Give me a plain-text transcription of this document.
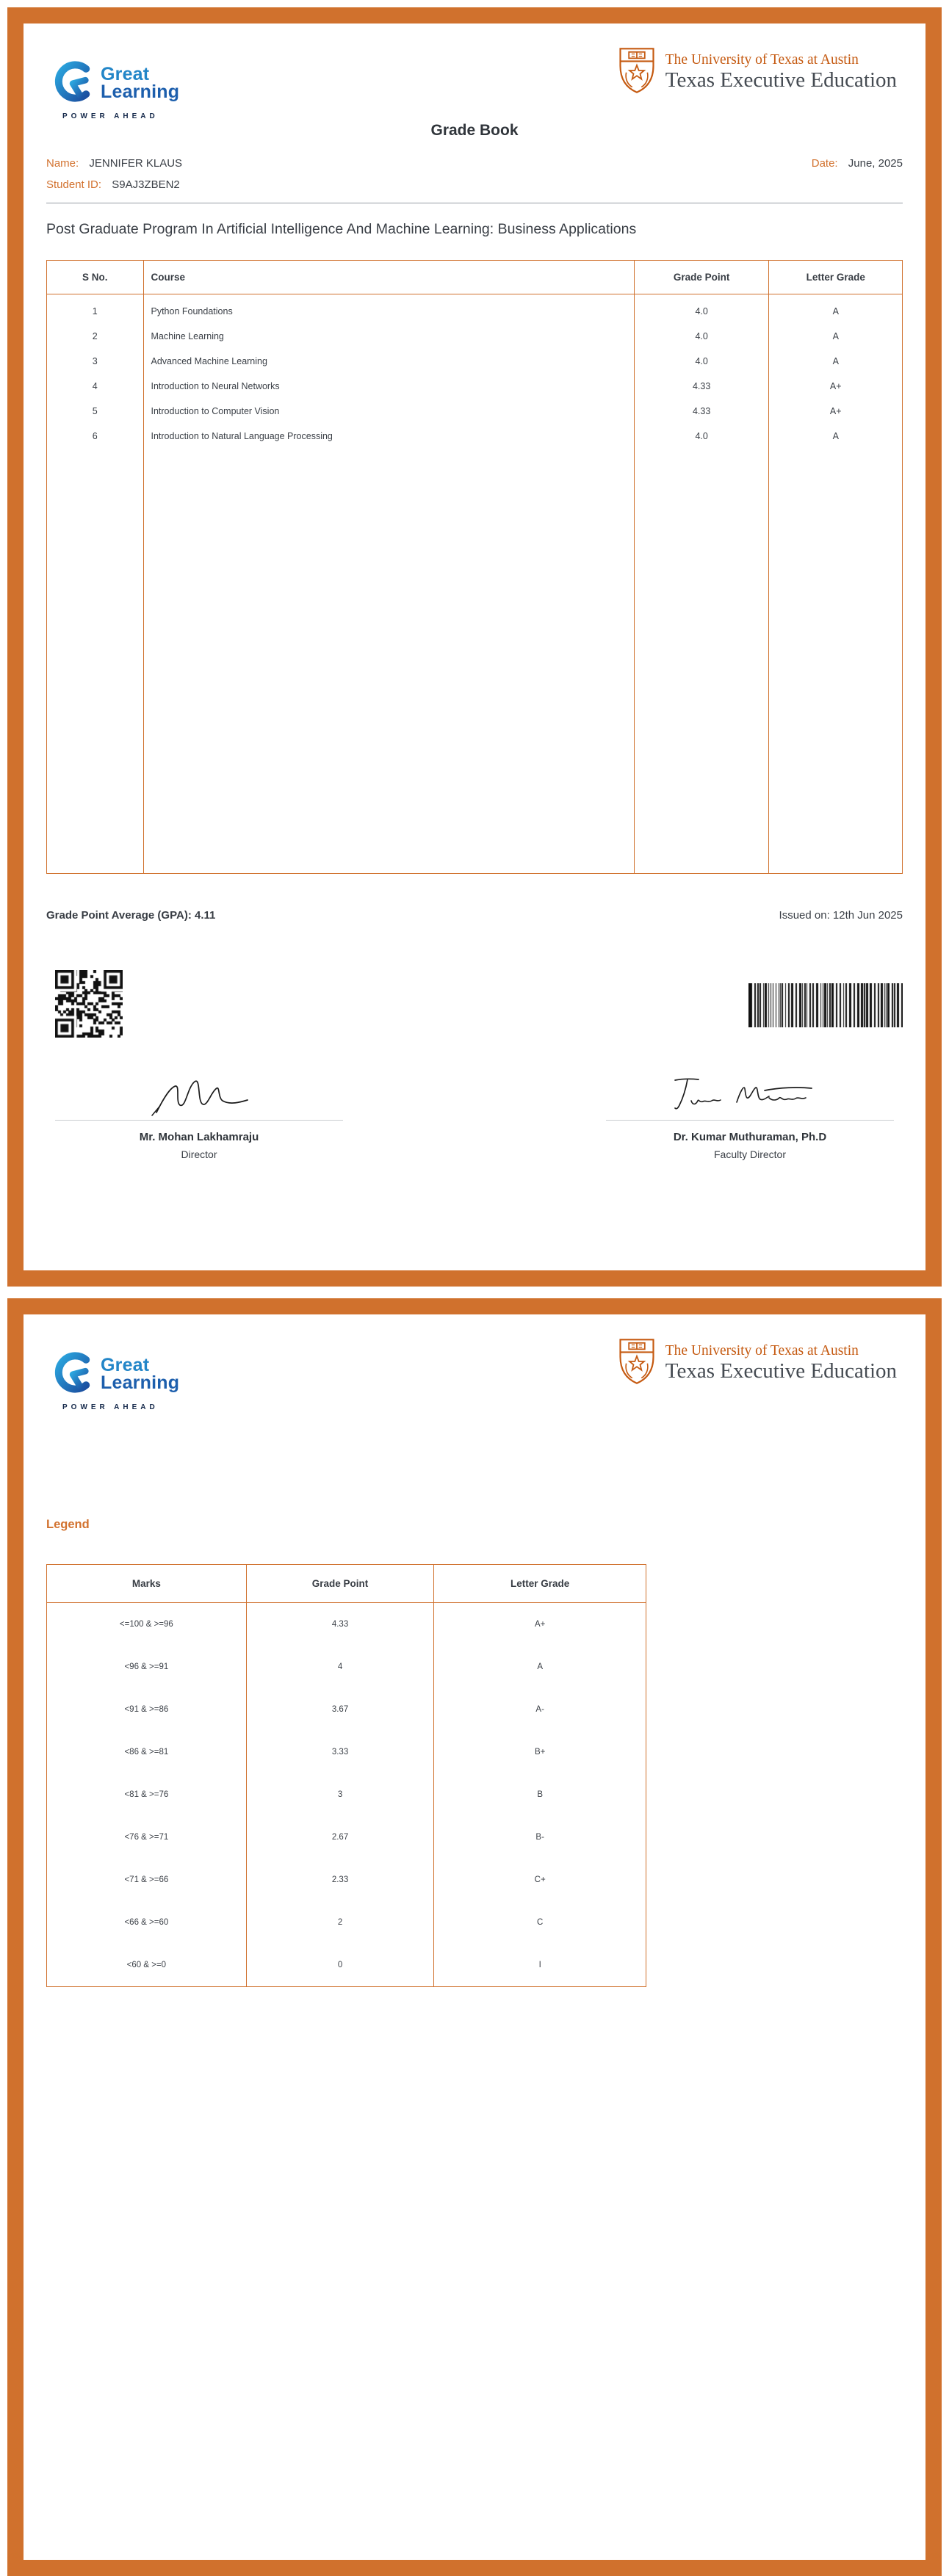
Great
Learning
POWER AHEAD
The University of Texas at Austin
Texas Executive Education
Grade Book
Name: JENNIFER KLAUS
Student ID: S9AJ3ZBEN2
Date: June, 2025
Post Graduate Program In Artificial Intelligence And Machine Learning: Business Applications
S No.	Course	Grade Point	Letter Grade
1	Python Foundations	4.0	A
2	Machine Learning	4.0	A
3	Advanced Machine Learning	4.0	A
4	Introduction to Neural Networks	4.33	A+
5	Introduction to Computer Vision	4.33	A+
6	Introduction to Natural Language Processing	4.0	A

Grade Point Average (GPA): 4.11	Issued on: 12th Jun 2025
Mr. Mohan Lakhamraju
Director
Dr. Kumar Muthuraman, Ph.D
Faculty Director
Great
Learning
POWER AHEAD
The University of Texas at Austin
Texas Executive Education
Legend
Marks	Grade Point	Letter Grade
<=100 & >=96	4.33	A+
<96 & >=91	4	A
<91 & >=86	3.67	A-
<86 & >=81	3.33	B+
<81 & >=76	3	B
<76 & >=71	2.67	B-
<71 & >=66	2.33	C+
<66 & >=60	2	C
<60 & >=0	0	I
